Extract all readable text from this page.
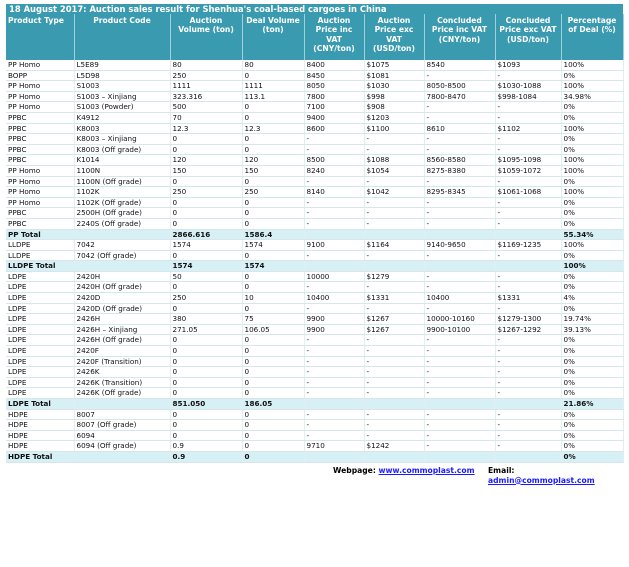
18 August 2017: Auction sales result for Shenhua's coal-based cargoes in China
Product Type	Product Code	Auction Volume (ton)	Deal Volume (ton)	Auction Price inc VAT (CNY/ton)	Auction Price exc VAT (USD/ton)	Concluded Price inc VAT (CNY/ton)	Concluded Price exc VAT (USD/ton)	Percentage of Deal (%)
PP Homo	L5E89	80	80	8400	$1075	8540	$1093	100%
BOPP	L5D98	250	0	8450	$1081	-	-	0%
PP Homo	S1003	1111	1111	8050	$1030	8050-8500	$1030-1088	100%
PP Homo	S1003 – Xinjiang	323.316	113.1	7800	$998	7800-8470	$998-1084	34.98%
PP Homo	S1003 (Powder)	500	0	7100	$908	-	-	0%
PPBC	K4912	70	0	9400	$1203	-	-	0%
PPBC	K8003	12.3	12.3	8600	$1100	8610	$1102	100%
PPBC	K8003 – Xinjiang	0	0	-	-	-	-	0%
PPBC	K8003 (Off grade)	0	0	-	-	-	-	0%
PPBC	K1014	120	120	8500	$1088	8560-8580	$1095-1098	100%
PP Homo	1100N	150	150	8240	$1054	8275-8380	$1059-1072	100%
PP Homo	1100N (Off grade)	0	0	-	-	-	-	0%
PP Homo	1102K	250	250	8140	$1042	8295-8345	$1061-1068	100%
PP Homo	1102K (Off grade)	0	0	-	-	-	-	0%
PPBC	2500H (Off grade)	0	0	-	-	-	-	0%
PPBC	2240S (Off grade)	0	0	-	-	-	-	0%
PP Total		2866.616	1586.4					55.34%
LLDPE	7042	1574	1574	9100	$1164	9140-9650	$1169-1235	100%
LLDPE	7042 (Off grade)	0	0	-	-	-	-	0%
LLDPE Total		1574	1574					100%
LDPE	2420H	50	0	10000	$1279	-	-	0%
LDPE	2420H (Off grade)	0	0	-	-	-	-	0%
LDPE	2420D	250	10	10400	$1331	10400	$1331	4%
LDPE	2420D (Off grade)	0	0	-	-	-	-	0%
LDPE	2426H	380	75	9900	$1267	10000-10160	$1279-1300	19.74%
LDPE	2426H – Xinjiang	271.05	106.05	9900	$1267	9900-10100	$1267-1292	39.13%
LDPE	2426H (Off grade)	0	0	-	-	-	-	0%
LDPE	2420F	0	0	-	-	-	-	0%
LDPE	2420F (Transition)	0	0	-	-	-	-	0%
LDPE	2426K	0	0	-	-	-	-	0%
LDPE	2426K (Transition)	0	0	-	-	-	-	0%
LDPE	2426K (Off grade)	0	0	-	-	-	-	0%
LDPE Total		851.050	186.05					21.86%
HDPE	8007	0	0	-	-	-	-	0%
HDPE	8007 (Off grade)	0	0	-	-	-	-	0%
HDPE	6094	0	0	-	-	-	-	0%
HDPE	6094 (Off grade)	0.9	0	9710	$1242	-	-	0%
HDPE Total		0.9	0					0%
Webpage: www.commoplast.com Email: admin@commoplast.com
